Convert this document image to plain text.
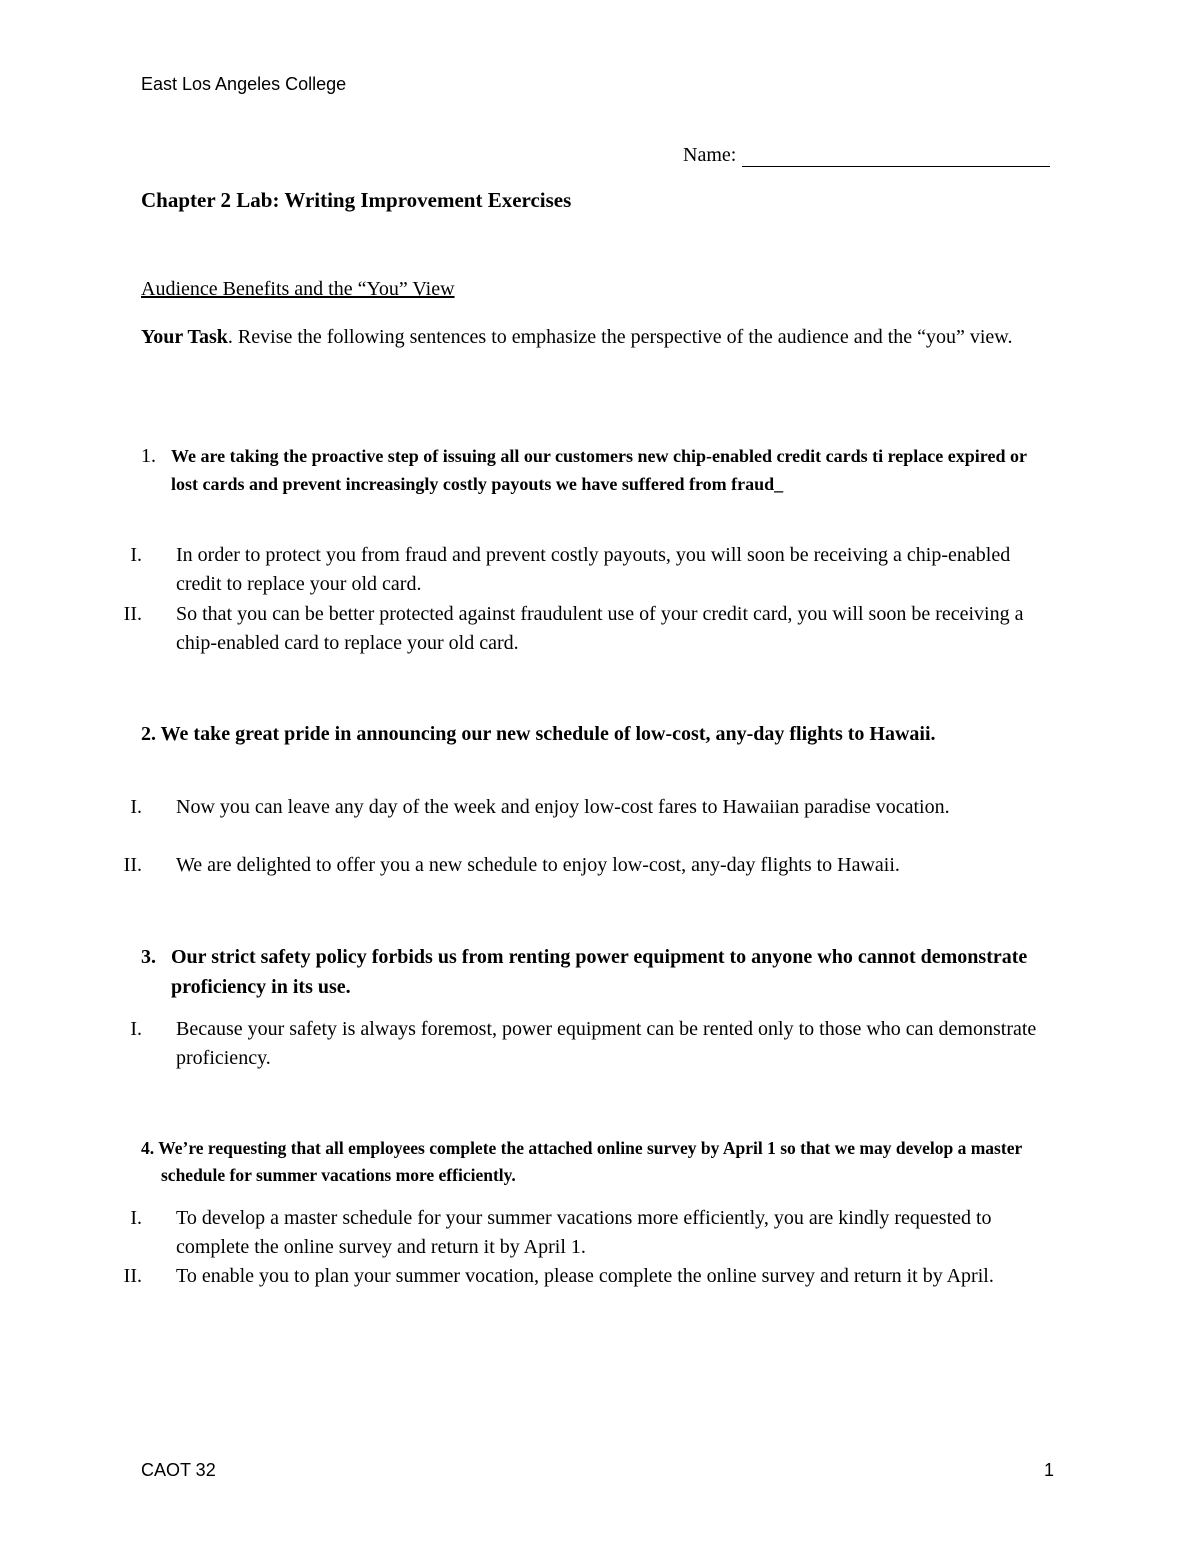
East Los Angeles College
Name:
Chapter 2 Lab: Writing Improvement Exercises
Audience Benefits and the “You” View
Your Task. Revise the following sentences to emphasize the perspective of the audience and the “you” view.
1. We are taking the proactive step of issuing all our customers new chip-enabled credit cards ti replace expired or lost cards and prevent increasingly costly payouts we have suffered from fraud_
I.	In order to protect you from fraud and prevent costly payouts, you will soon be receiving a chip-enabled credit to replace your old card.
II.	So that you can be better protected against fraudulent use of your credit card, you will soon be receiving a chip-enabled card to replace your old card.
2. We take great pride in announcing our new schedule of low-cost, any-day flights to Hawaii.
I.	Now you can leave any day of the week and enjoy low-cost fares to Hawaiian paradise vocation.
II.	We are delighted to offer you a new schedule to enjoy low-cost, any-day flights to Hawaii.
3. Our strict safety policy forbids us from renting power equipment to anyone who cannot demonstrate proficiency in its use.
I.	Because your safety is always foremost, power equipment can be rented only to those who can demonstrate proficiency.
4. We’re requesting that all employees complete the attached online survey by April 1 so that we may develop a master schedule for summer vacations more efficiently.
I.	To develop a master schedule for your summer vacations more efficiently, you are kindly requested to complete the online survey and return it by April 1.
II.	To enable you to plan your summer vocation, please complete the online survey and return it by April.
CAOT 32	1
